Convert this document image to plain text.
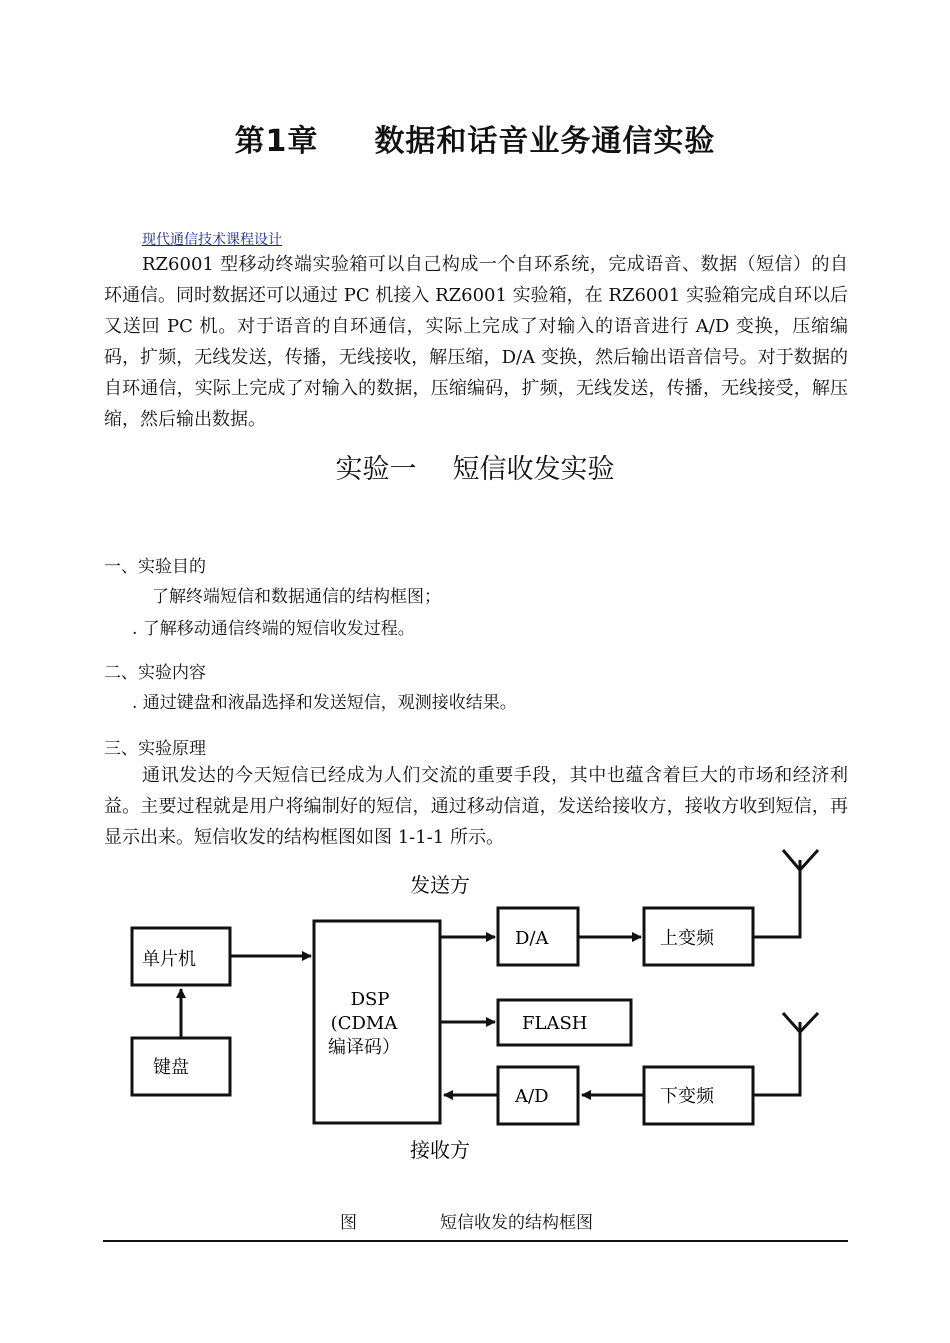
第1章 数据和话音业务通信实验
现代通信技术课程设计
RZ6001 型移动终端实验箱可以自己构成一个自环系统，完成语音、数据（短信）的自环通信。同时数据还可以通过 PC 机接入 RZ6001 实验箱，在 RZ6001 实验箱完成自环以后又送回 PC 机。对于语音的自环通信，实际上完成了对输入的语音进行 A/D 变换，压缩编码，扩频，无线发送，传播，无线接收，解压缩，D/A 变换，然后输出语音信号。对于数据的自环通信，实际上完成了对输入的数据，压缩编码，扩频，无线发送，传播，无线接受，解压缩，然后输出数据。
实验一 短信收发实验
一、实验目的
了解终端短信和数据通信的结构框图；
. 了解移动通信终端的短信收发过程。
二、实验内容
. 通过键盘和液晶选择和发送短信，观测接收结果。
三、实验原理
通讯发达的今天短信已经成为人们交流的重要手段，其中也蕴含着巨大的市场和经济利益。主要过程就是用户将编制好的短信，通过移动信道，发送给接收方，接收方收到短信，再显示出来。短信收发的结构框图如图 1-1-1 所示。
发送方
接收方
单片机
键盘
DSP
(CDMA
编译码）
D/A
FLASH
A/D
上变频
下变频
图	短信收发的结构框图
